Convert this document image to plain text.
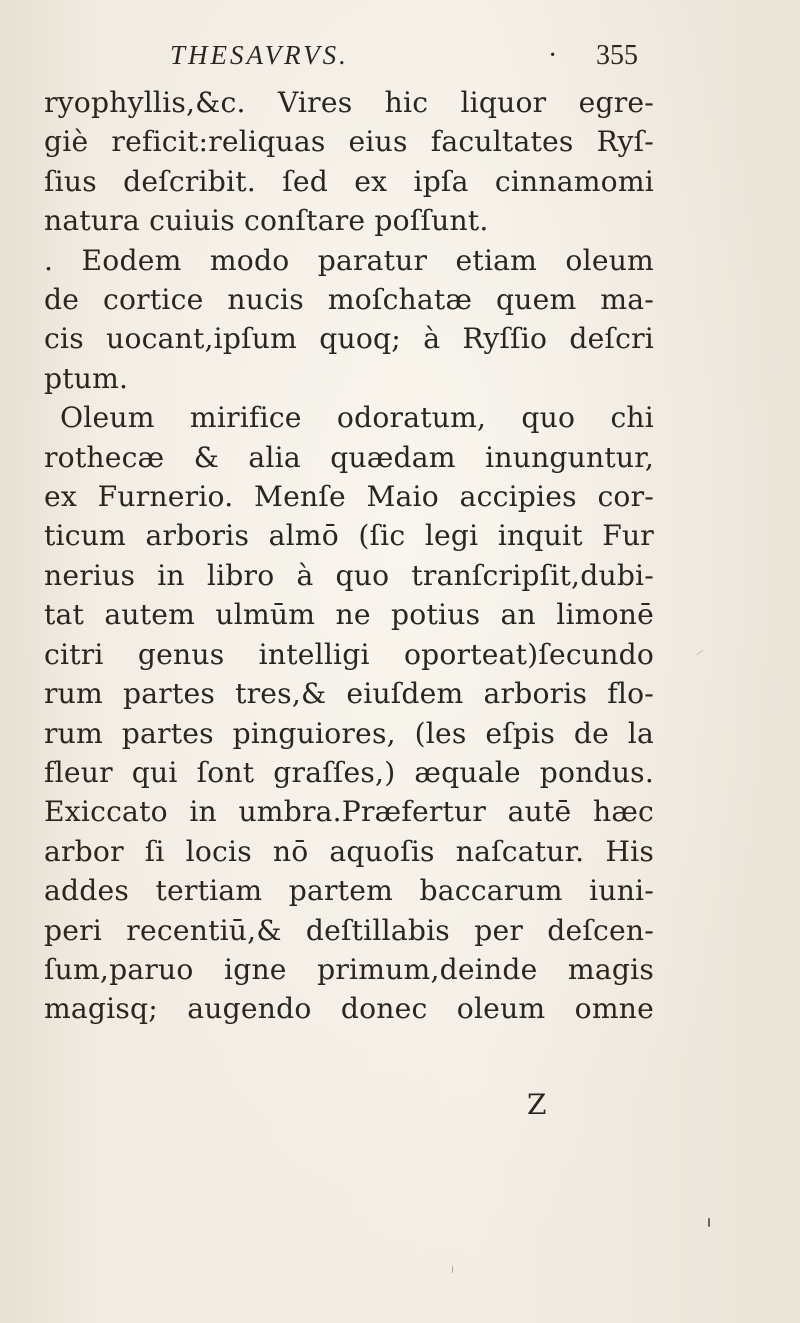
THESAVRVS.	· 355
ryophyllis,&c. Vires hic liquor egre-
giè reficit:reliquas eius facultates Ryſ-
ſius deſcribit. ſed ex ipſa cinnamomi
natura cuiuis conſtare poſſunt.
. Eodem modo paratur etiam oleum
de cortice nucis moſchatæ quem ma-
cis uocant,ipſum quoq; à Ryſſio deſcri
ptum.
Oleum mirifice odoratum, quo chi
rothecæ & alia quædam inunguntur,
ex Furnerio. Menſe Maio accipies cor-
ticum arboris almō (ſic legi inquit Fur
nerius in libro à quo tranſcripſit,dubi-
tat autem ulmūm ne potius an limonē
citri genus intelligi oporteat)ſecundo
rum partes tres,& eiuſdem arboris flo-
rum partes pinguiores, (les eſpis de la
fleur qui ſont graſſes,) æquale pondus.
Exiccato in umbra.Præfertur autē hæc
arbor ſi locis nō aquoſis naſcatur. His
addes tertiam partem baccarum iuni-
peri recentiū,& deſtillabis per deſcen-
ſum,paruo igne primum,deinde magis
magisq; augendo donec oleum omne
Z
